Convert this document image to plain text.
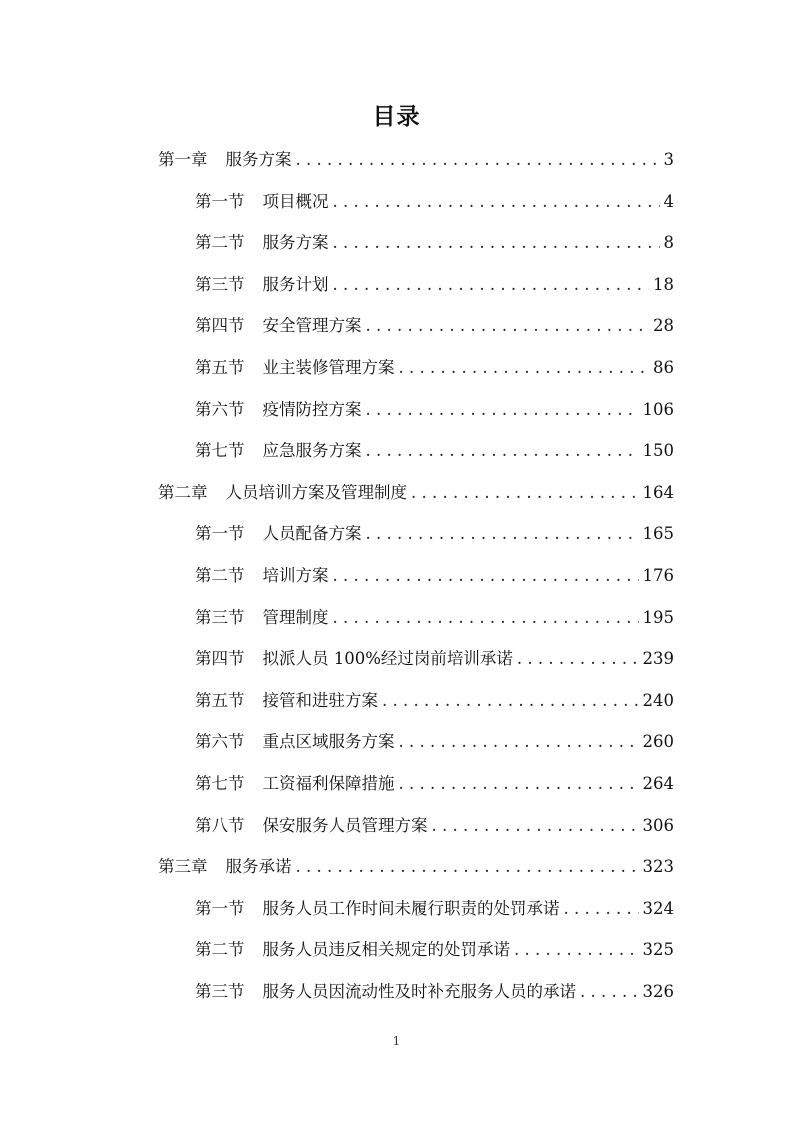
目录
第一章 服务方案 . . .	3
第一节 项目概况 . . .	4
第二节 服务方案 . . .	8
第三节 服务计划 . . .	18
第四节 安全管理方案 . . .	28
第五节 业主装修管理方案 . . .	86
第六节 疫情防控方案 . . .	106
第七节 应急服务方案 . . .	150
第二章 人员培训方案及管理制度 . . .	164
第一节 人员配备方案 . . .	165
第二节 培训方案 . . .	176
第三节 管理制度 . . .	195
第四节 拟派人员 100%经过岗前培训承诺 . . .	239
第五节 接管和进驻方案 . . .	240
第六节 重点区域服务方案 . . .	260
第七节 工资福利保障措施 . . .	264
第八节 保安服务人员管理方案 . . .	306
第三章 服务承诺 . . .	323
第一节 服务人员工作时间未履行职责的处罚承诺 . . .	324
第二节 服务人员违反相关规定的处罚承诺 . . .	325
第三节 服务人员因流动性及时补充服务人员的承诺 . . .	326
1
